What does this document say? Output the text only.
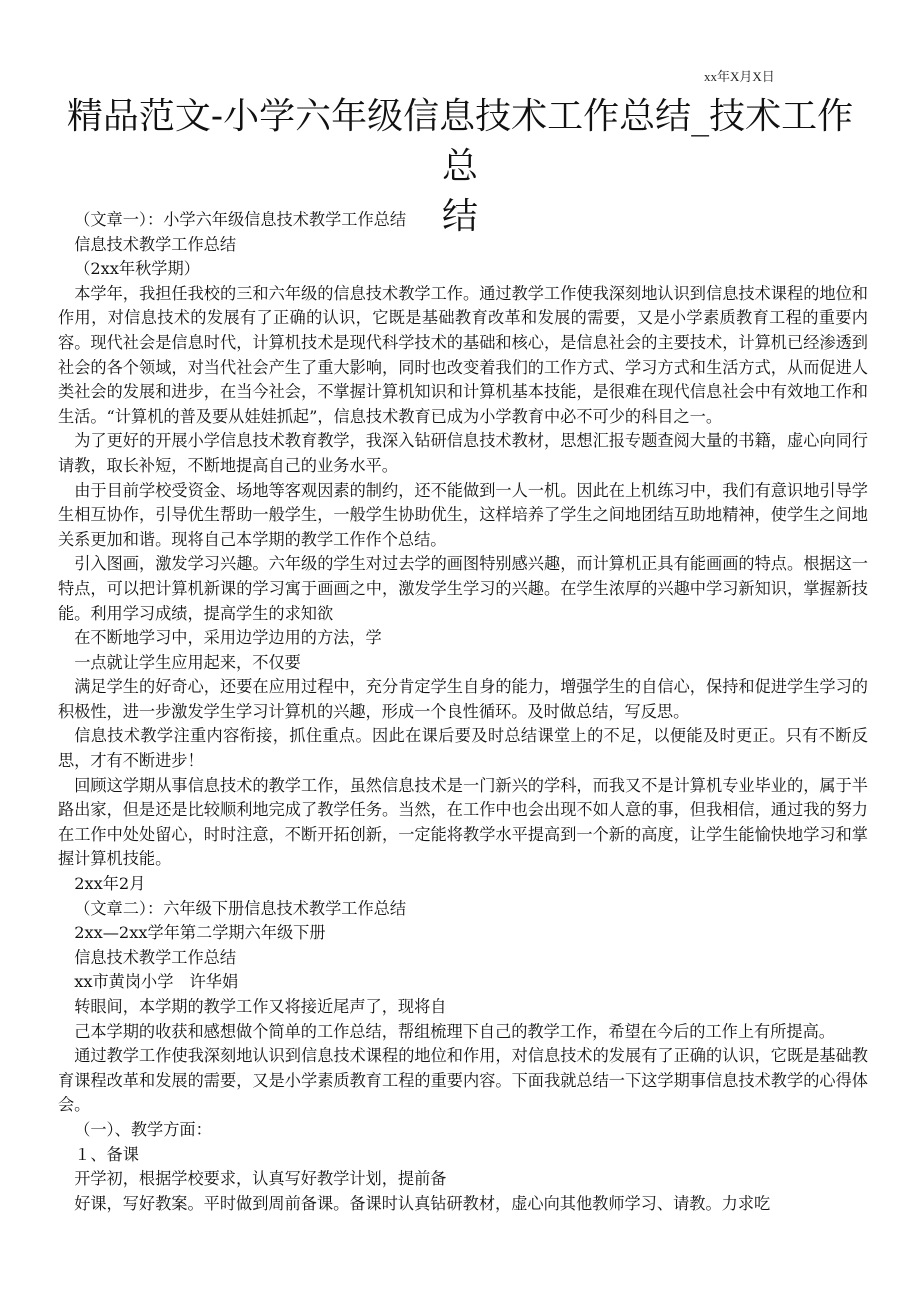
xx年X月X日
精品范文-小学六年级信息技术工作总结_技术工作总
结

（文章一）：小学六年级信息技术教学工作总结

信息技术教学工作总结

（2xx年秋学期）

本学年，我担任我校的三和六年级的信息技术教学工作。通过教学工作使我深刻地认识到信息技术课程的地位和作用，对信息技术的发展有了正确的认识，它既是基础教育改革和发展的需要，又是小学素质教育工程的重要内容。现代社会是信息时代，计算机技术是现代科学技术的基础和核心，是信息社会的主要技术，计算机已经渗透到社会的各个领域，对当代社会产生了重大影响，同时也改变着我们的工作方式、学习方式和生活方式，从而促进人类社会的发展和进步，在当今社会，不掌握计算机知识和计算机基本技能，是很难在现代信息社会中有效地工作和生活。“计算机的普及要从娃娃抓起”，信息技术教育已成为小学教育中必不可少的科目之一。

为了更好的开展小学信息技术教育教学，我深入钻研信息技术教材，思想汇报专题查阅大量的书籍，虚心向同行请教，取长补短，不断地提高自己的业务水平。

由于目前学校受资金、场地等客观因素的制约，还不能做到一人一机。因此在上机练习中，我们有意识地引导学生相互协作，引导优生帮助一般学生，一般学生协助优生，这样培养了学生之间地团结互助地精神，使学生之间地关系更加和谐。现将自己本学期的教学工作作个总结。

引入图画，激发学习兴趣。六年级的学生对过去学的画图特别感兴趣，而计算机正具有能画画的特点。根据这一特点，可以把计算机新课的学习寓于画画之中，激发学生学习的兴趣。在学生浓厚的兴趣中学习新知识，掌握新技能。利用学习成绩，提高学生的求知欲

在不断地学习中，采用边学边用的方法，学

一点就让学生应用起来，不仅要

满足学生的好奇心，还要在应用过程中，充分肯定学生自身的能力，增强学生的自信心，保持和促进学生学习的积极性，进一步激发学生学习计算机的兴趣，形成一个良性循环。及时做总结，写反思。

信息技术教学注重内容衔接，抓住重点。因此在课后要及时总结课堂上的不足，以便能及时更正。只有不断反思，才有不断进步！

回顾这学期从事信息技术的教学工作，虽然信息技术是一门新兴的学科，而我又不是计算机专业毕业的，属于半路出家，但是还是比较顺利地完成了教学任务。当然，在工作中也会出现不如人意的事，但我相信，通过我的努力在工作中处处留心，时时注意，不断开拓创新，一定能将教学水平提高到一个新的高度，让学生能愉快地学习和掌握计算机技能。

2xx年2月

（文章二）：六年级下册信息技术教学工作总结

2xx—2xx学年第二学期六年级下册

信息技术教学工作总结

xx市黄岗小学　许华娟

转眼间，本学期的教学工作又将接近尾声了，现将自

己本学期的收获和感想做个简单的工作总结，帮组梳理下自己的教学工作，希望在今后的工作上有所提高。

通过教学工作使我深刻地认识到信息技术课程的地位和作用，对信息技术的发展有了正确的认识，它既是基础教育课程改革和发展的需要，又是小学素质教育工程的重要内容。下面我就总结一下这学期事信息技术教学的心得体会。

（一）、教学方面：

１、备课

开学初，根据学校要求，认真写好教学计划，提前备

好课，写好教案。平时做到周前备课。备课时认真钻研教材，虚心向其他教师学习、请教。力求吃
